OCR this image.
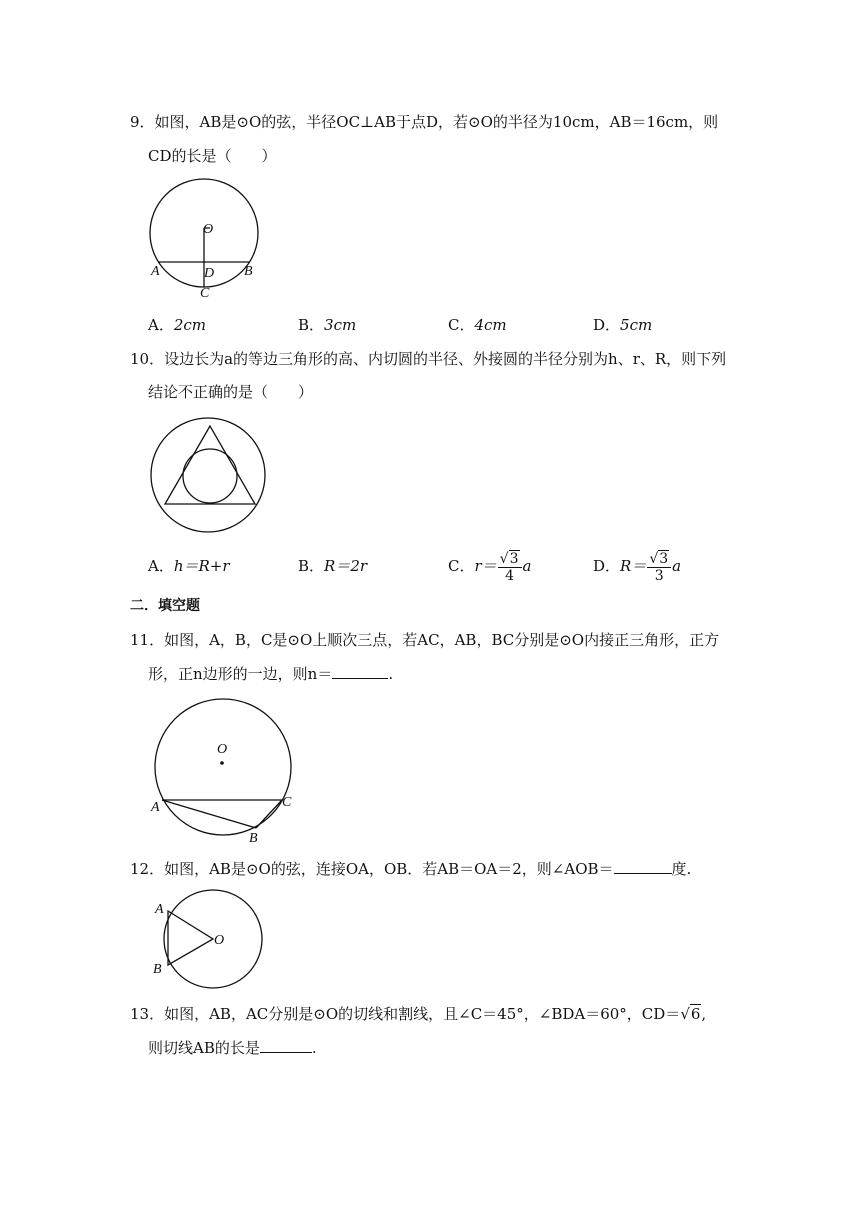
9．如图，AB是⊙O的弦，半径OC⊥AB于点D，若⊙O的半径为10cm，AB＝16cm，则
CD的长是（　　）
O
A	D B
C
A．2cm	B．3cm	C．4cm	D．5cm
10．设边长为a的等边三角形的高、内切圆的半径、外接圆的半径分别为h、r、R，则下列
结论不正确的是（　　）
A．h＝R+r	B．R＝2r	C．$r= \frac{√3}{4}$ a	D．$R= \frac{√3}{3}$ a
二．填空题
11．如图，A，B，C是⊙O上顺次三点，若AC，AB，BC分别是⊙O内接正三角形，正方
形，正n边形的一边，则n＝	.
O
A	C
B
12．如图，AB是⊙O的弦，连接OA，OB．若AB＝OA＝2，则∠AOB＝	度.
A
B
O
13．如图，AB，AC分别是⊙O的切线和割线，且∠C＝45°，∠BDA＝60°，CD＝√6,
则切线AB的长是	.
